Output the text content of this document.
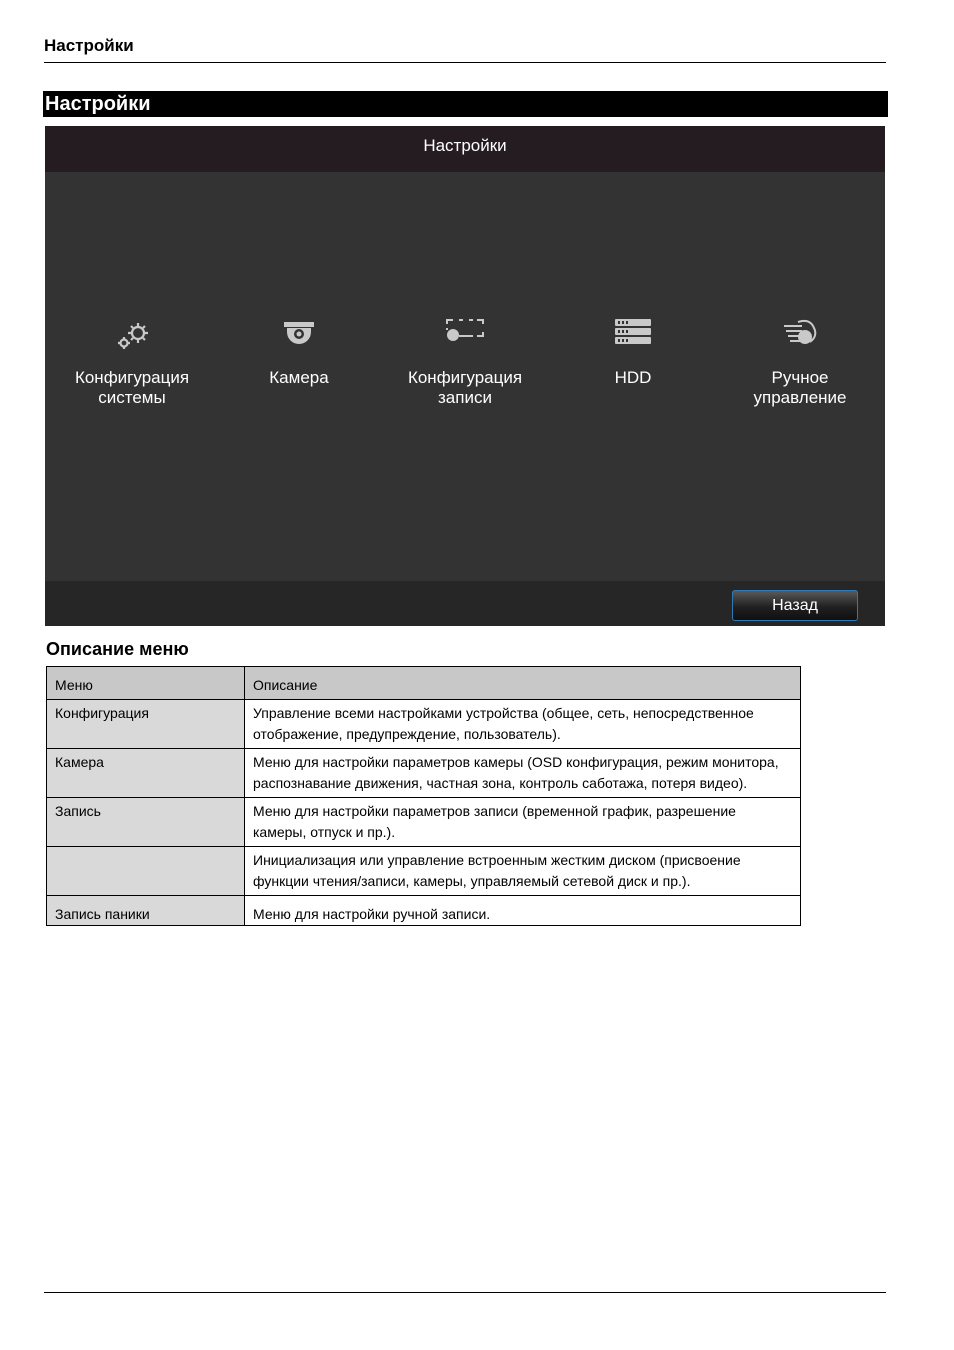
Настройки
Настройки
Настройки
Конфигурация
системы
Камера	Конфигурация
записи
HDD	Ручное
управление
Назад
Описание меню
Меню	Описание
Конфигурация	Управление всеми настройками устройства (общее, сеть, непосредственное отображение, предупреждение, пользователь).
Камера	Меню для настройки параметров камеры (OSD конфигурация, режим монитора, распознавание движения, частная зона, контроль саботажа, потеря видео).
Запись	Меню для настройки параметров записи (временной график, разрешение камеры, отпуск и пр.).
	Инициализация или управление встроенным жестким диском (присвоение функции чтения/записи, камеры, управляемый сетевой диск и пр.).
Запись паники	Меню для настройки ручной записи.
